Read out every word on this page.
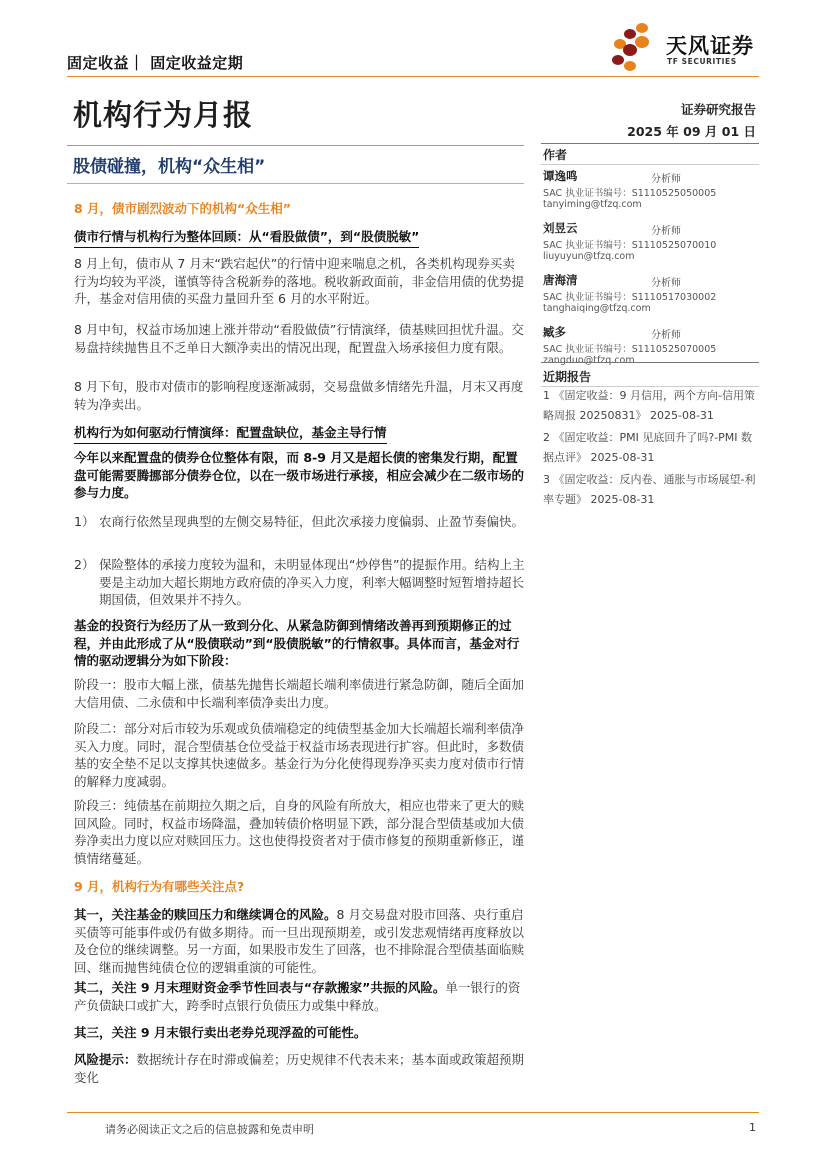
固定收益｜ 固定收益定期
天风证券
TF SECURITIES
机构行为月报
股债碰撞，机构“众生相”
证券研究报告
2025 年 09 月 01 日
作者
谭逸鸣	分析师
SAC 执业证书编号：S1110525050005
tanyiming@tfzq.com
刘昱云	分析师
SAC 执业证书编号：S1110525070010
liuyuyun@tfzq.com
唐海清	分析师
SAC 执业证书编号：S1110517030002
tanghaiqing@tfzq.com
臧多	分析师
SAC 执业证书编号：S1110525070005
zangduo@tfzq.com
近期报告
1 《固定收益：9 月信用，两个方向-信用策略周报 20250831》 2025-08-31
2 《固定收益：PMI 见底回升了吗?-PMI 数据点评》 2025-08-31
3 《固定收益：反内卷、通胀与市场展望-利率专题》 2025-08-31
8 月，债市剧烈波动下的机构“众生相”
债市行情与机构行为整体回顾：从“看股做债”，到“股债脱敏”

8 月上旬，债市从 7 月末“跌宕起伏”的行情中迎来喘息之机，各类机构现券买卖行为均较为平淡，谨慎等待含税新券的落地。税收新政面前，非金信用债的优势提升，基金对信用债的买盘力量回升至 6 月的水平附近。

8 月中旬，权益市场加速上涨并带动“看股做债”行情演绎，债基赎回担忧升温。交易盘持续抛售且不乏单日大额净卖出的情况出现，配置盘入场承接但力度有限。

8 月下旬，股市对债市的影响程度逐渐减弱，交易盘做多情绪先升温，月末又再度转为净卖出。

机构行为如何驱动行情演绎：配置盘缺位，基金主导行情

今年以来配置盘的债券仓位整体有限，而 8-9 月又是超长债的密集发行期，配置盘可能需要腾挪部分债券仓位，以在一级市场进行承接，相应会减少在二级市场的参与力度。

1） 农商行依然呈现典型的左侧交易特征，但此次承接力度偏弱、止盈节奏偏快。
2） 保险整体的承接力度较为温和，未明显体现出“炒停售”的提振作用。结构上主要是主动加大超长期地方政府债的净买入力度，利率大幅调整时短暂增持超长期国债，但效果并不持久。

基金的投资行为经历了从一致到分化、从紧急防御到情绪改善再到预期修正的过程，并由此形成了从“股债联动”到“股债脱敏”的行情叙事。具体而言，基金对行情的驱动逻辑分为如下阶段：

阶段一：股市大幅上涨，债基先抛售长端超长端利率债进行紧急防御，随后全面加大信用债、二永债和中长端利率债净卖出力度。

阶段二：部分对后市较为乐观或负债端稳定的纯债型基金加大长端超长端利率债净买入力度。同时，混合型债基仓位受益于权益市场表现进行扩容。但此时，多数债基的安全垫不足以支撑其快速做多。基金行为分化使得现券净买卖力度对债市行情的解释力度减弱。

阶段三：纯债基在前期拉久期之后，自身的风险有所放大，相应也带来了更大的赎回风险。同时，权益市场降温，叠加转债价格明显下跌，部分混合型债基或加大债券净卖出力度以应对赎回压力。这也使得投资者对于债市修复的预期重新修正，谨慎情绪蔓延。

9 月，机构行为有哪些关注点?

其一，关注基金的赎回压力和继续调仓的风险。8 月交易盘对股市回落、央行重启买债等可能事件或仍有做多期待。而一旦出现预期差，或引发悲观情绪再度释放以及仓位的继续调整。另一方面，如果股市发生了回落，也不排除混合型债基面临赎回、继而抛售纯债仓位的逻辑重演的可能性。

其二，关注 9 月末理财资金季节性回表与“存款搬家”共振的风险。单一银行的资产负债缺口或扩大，跨季时点银行负债压力或集中释放。

其三，关注 9 月末银行卖出老券兑现浮盈的可能性。

风险提示：数据统计存在时滞或偏差；历史规律不代表未来；基本面或政策超预期变化

请务必阅读正文之后的信息披露和免责申明	1
